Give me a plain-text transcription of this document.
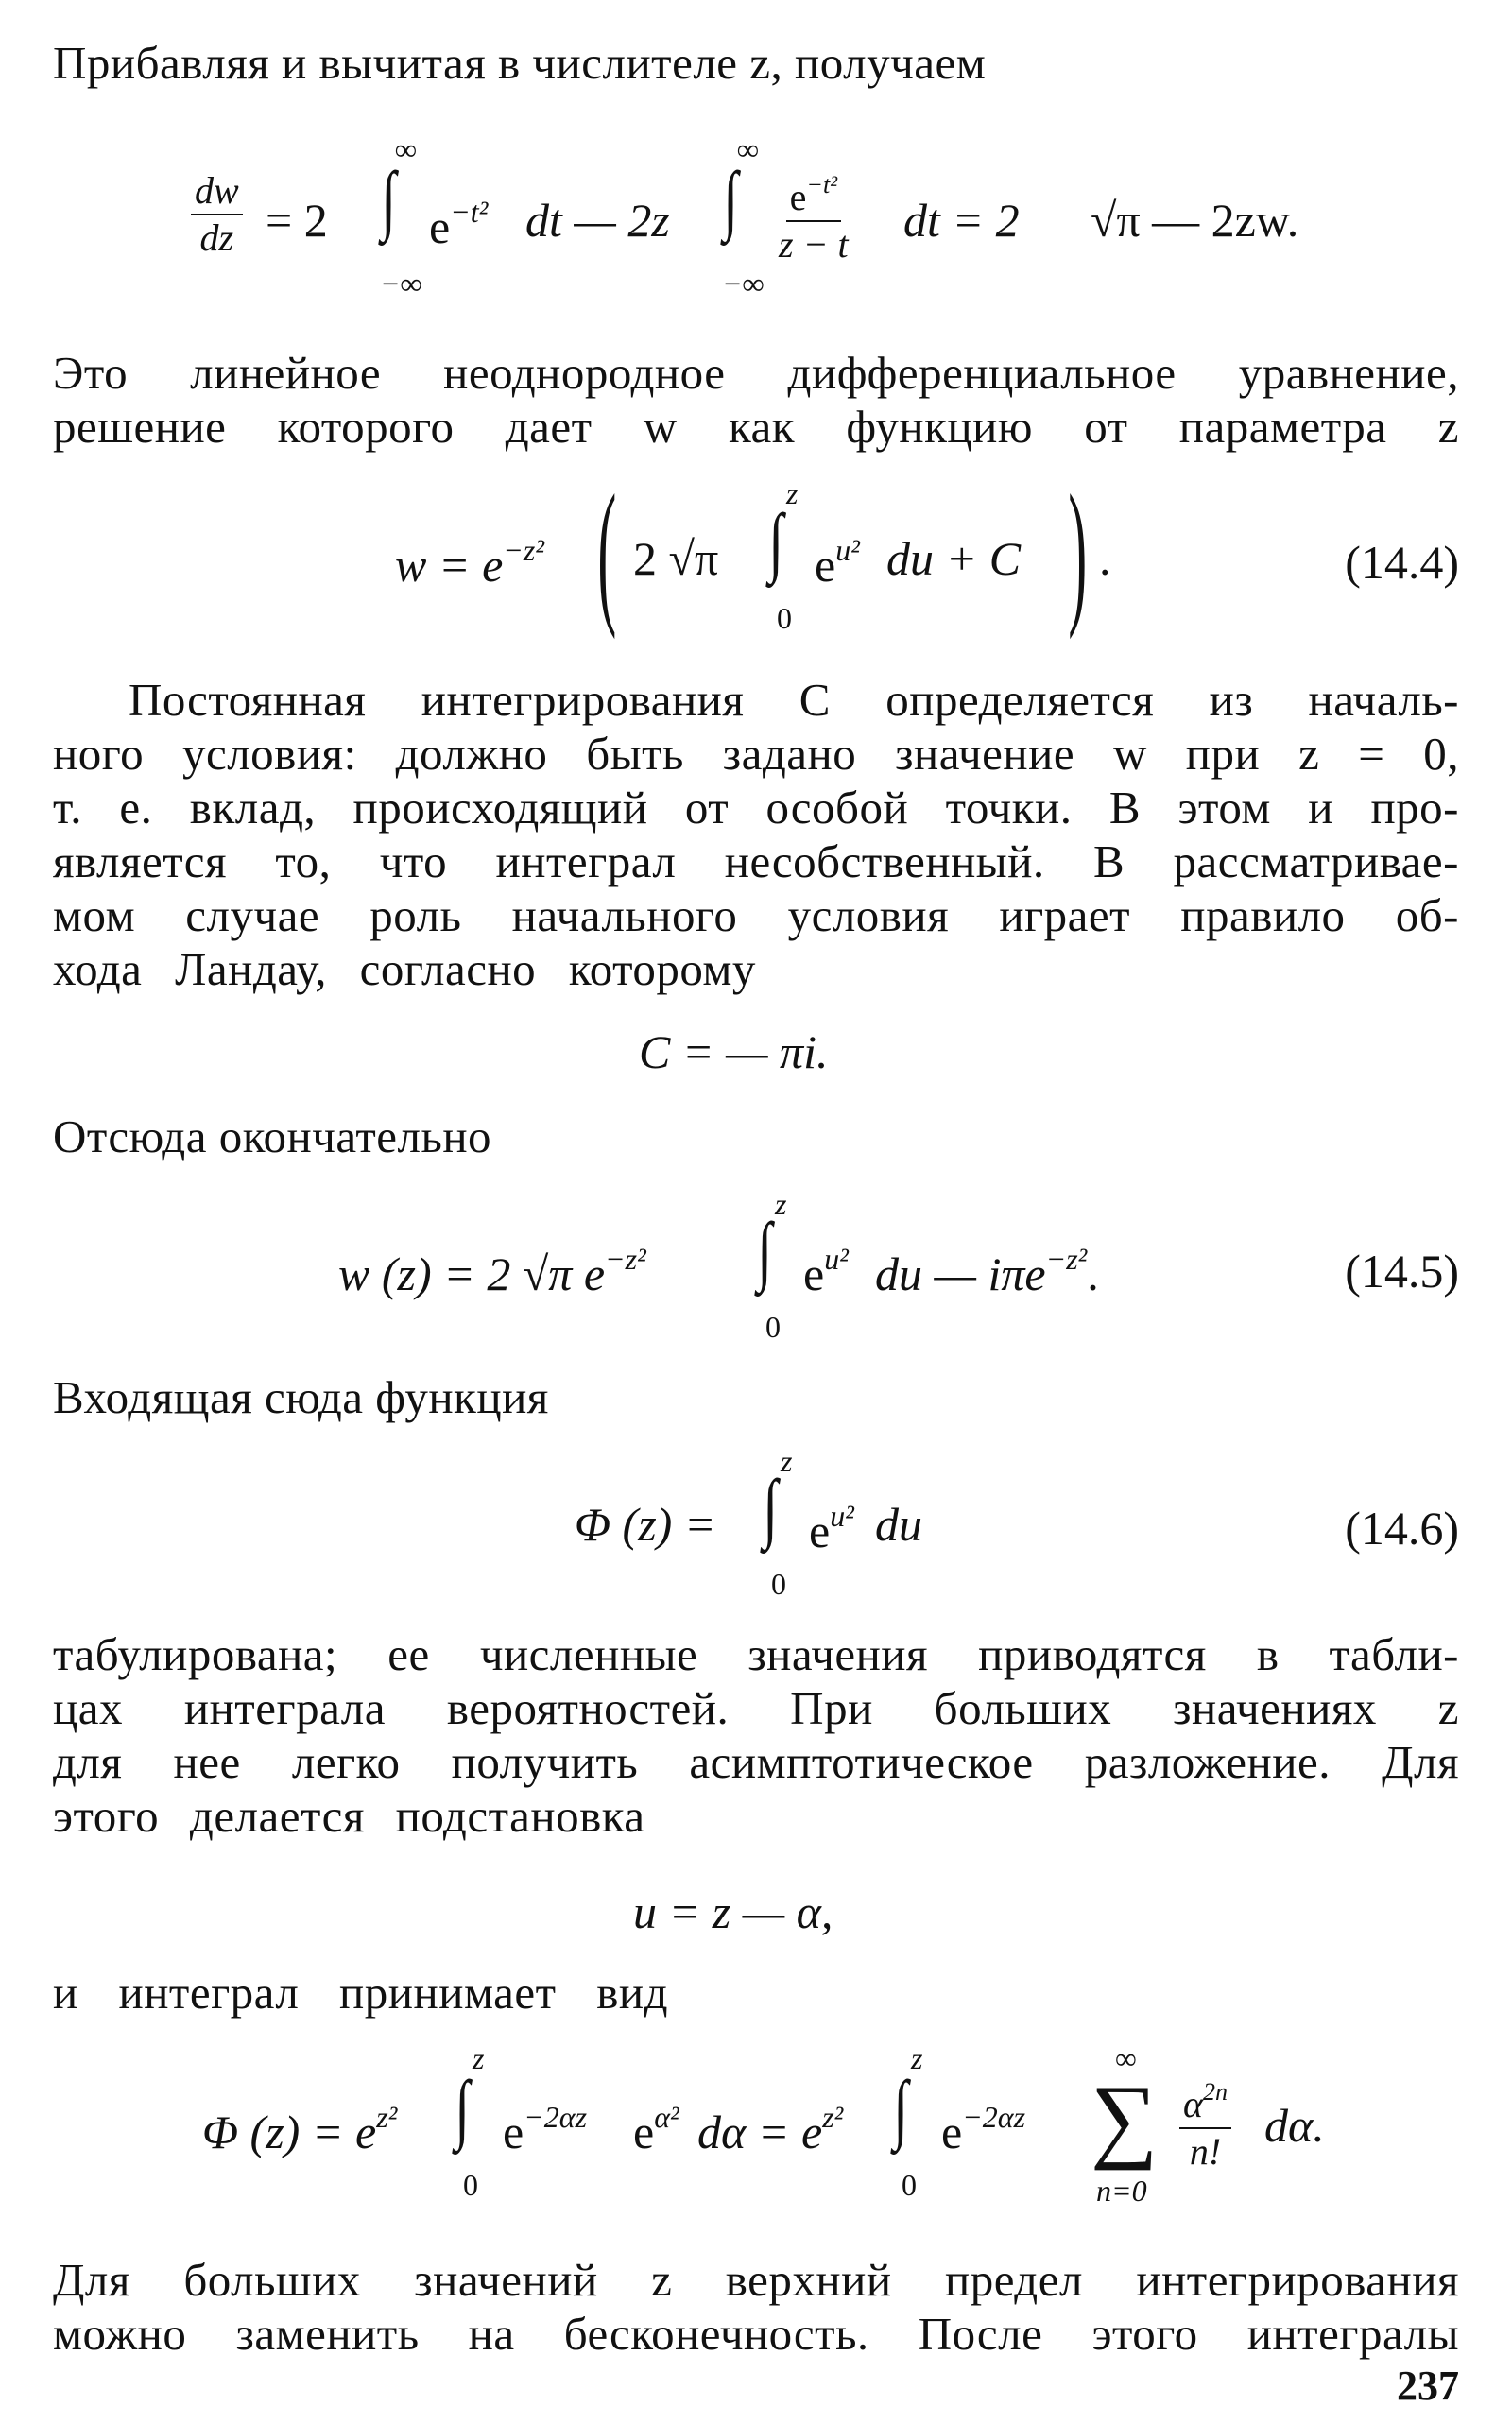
Прибавляя и вычитая в числителе z, получаем
$\frac{dw}{dz} = 2$ ∫
∞
−∞
$e^{-t^2}$ dt — 2z ∫
∞
−∞
$\frac{e^{-t^2}}{z - t}$ dt = 2 √π — 2zw.
Это линейное неоднородное дифференциальное уравнение,
решение которого дает w как функцию от параметра z
$w = e^{-z^2}$ ( 2 √π ∫
z
0
$e^{u^2}$ du + C ) .	(14.4)
Постоянная интегрирования C определяется из началь-
ного условия: должно быть задано значение w при z = 0,
т. е. вклад, происходящий от особой точки. В этом и про-
является то, что интеграл несобственный. В рассматривае-
мом случае роль начального условия играет правило об-
хода Ландау, согласно которому
C = — πi.
Отсюда окончательно
w (z) = 2 √π $e^{-z^2}$ ∫
z
0
$e^{u^2}$ du — iπe$^{-z^2}$.	(14.5)
Входящая сюда функция
Φ (z) = ∫
z
0
$e^{u^2}$ du	(14.6)
табулирована; ее численные значения приводятся в табли-
цах интеграла вероятностей. При больших значениях z
для нее легко получить асимптотическое разложение. Для
этого делается подстановка
u = z — α,
и интеграл принимает вид
Φ $(z) = e^{z^2}$ ∫
z
0
$e^{-2\alpha z}$ $e^{\alpha^2}$ $d\alpha = e^{z^2}$ ∫
z
0
$e^{-2\alpha z}$ ∑
∞
n=0
$\frac{\alpha^{2n}}{n!} d\alpha$.
Для больших значений z верхний предел интегрирования
можно заменить на бесконечность. После этого интегралы
237
